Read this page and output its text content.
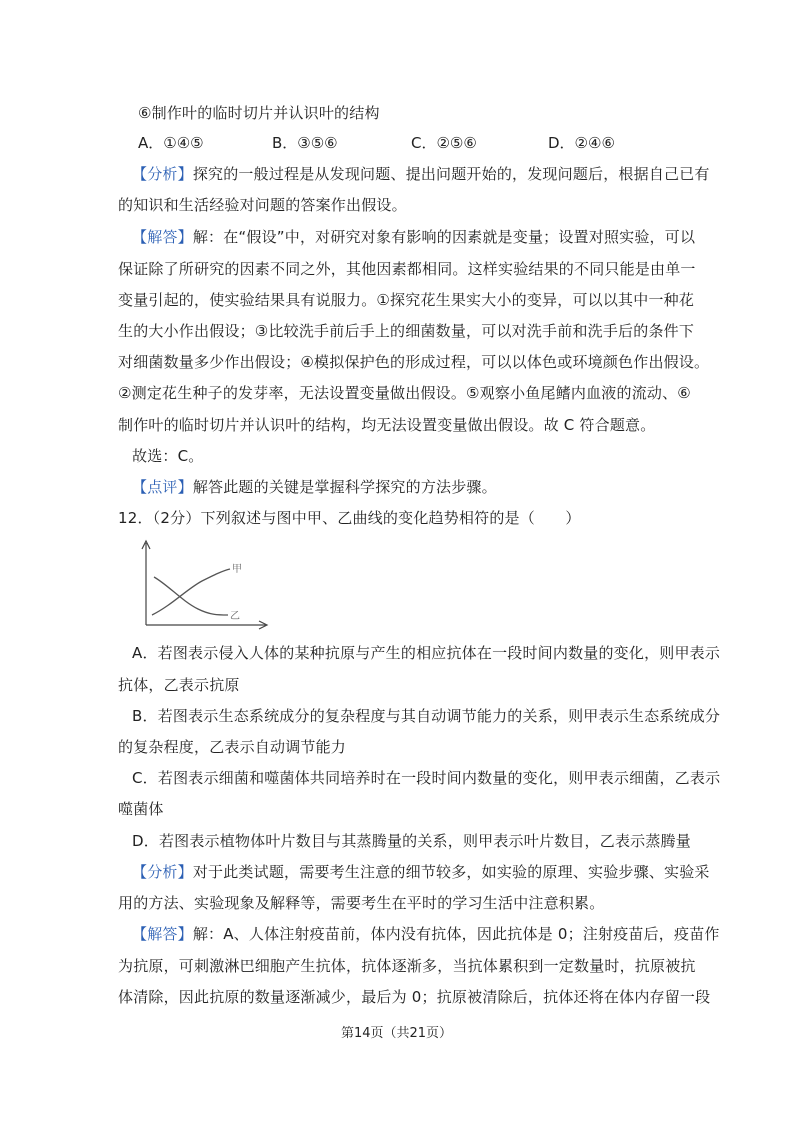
⑥制作叶的临时切片并认识叶的结构
A．①④⑤	B．③⑤⑥	C．②⑤⑥	D．②④⑥
【分析】探究的一般过程是从发现问题、提出问题开始的，发现问题后，根据自己已有
的知识和生活经验对问题的答案作出假设。
【解答】解：在“假设”中，对研究对象有影响的因素就是变量；设置对照实验，可以
保证除了所研究的因素不同之外，其他因素都相同。这样实验结果的不同只能是由单一
变量引起的，使实验结果具有说服力。①探究花生果实大小的变异，可以以其中一种花
生的大小作出假设；③比较洗手前后手上的细菌数量，可以对洗手前和洗手后的条件下
对细菌数量多少作出假设；④模拟保护色的形成过程，可以以体色或环境颜色作出假设。
②测定花生种子的发芽率，无法设置变量做出假设。⑤观察小鱼尾鳍内血液的流动、⑥
制作叶的临时切片并认识叶的结构，均无法设置变量做出假设。故 C 符合题意。
故选：C。
【点评】解答此题的关键是掌握科学探究的方法步骤。
12．（2分）下列叙述与图中甲、乙曲线的变化趋势相符的是（　　）
甲
乙
A．若图表示侵入人体的某种抗原与产生的相应抗体在一段时间内数量的变化，则甲表示
抗体，乙表示抗原
B．若图表示生态系统成分的复杂程度与其自动调节能力的关系，则甲表示生态系统成分
的复杂程度，乙表示自动调节能力
C．若图表示细菌和噬菌体共同培养时在一段时间内数量的变化，则甲表示细菌，乙表示
噬菌体
D．若图表示植物体叶片数目与其蒸腾量的关系，则甲表示叶片数目，乙表示蒸腾量
【分析】对于此类试题，需要考生注意的细节较多，如实验的原理、实验步骤、实验采
用的方法、实验现象及解释等，需要考生在平时的学习生活中注意积累。
【解答】解：A、人体注射疫苗前，体内没有抗体，因此抗体是 0；注射疫苗后，疫苗作
为抗原，可刺激淋巴细胞产生抗体，抗体逐渐多，当抗体累积到一定数量时，抗原被抗
体清除，因此抗原的数量逐渐减少，最后为 0；抗原被清除后，抗体还将在体内存留一段
第14页（共21页）
